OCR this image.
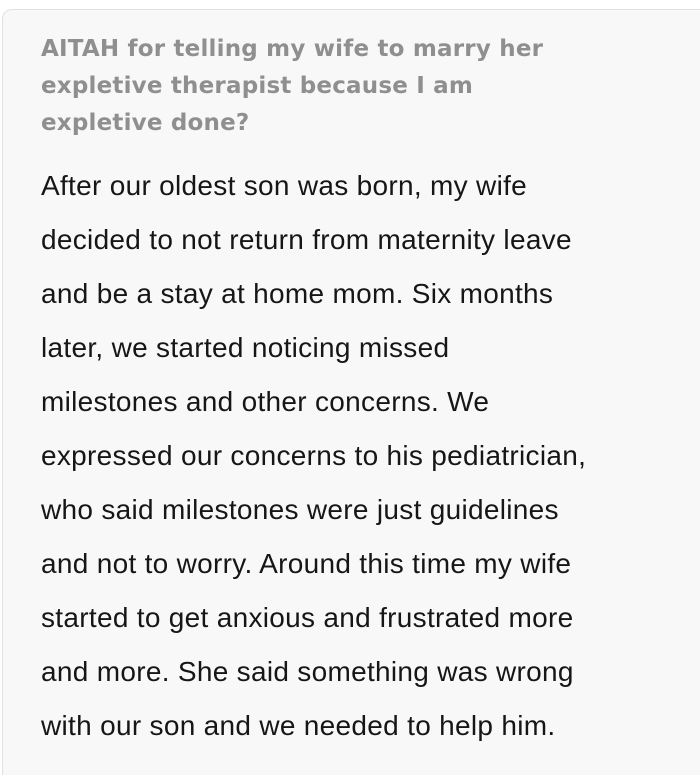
AITAH for telling my wife to marry her
expletive therapist because I am
expletive done?
After our oldest son was born, my wife
decided to not return from maternity leave
and be a stay at home mom. Six months
later, we started noticing missed
milestones and other concerns. We
expressed our concerns to his pediatrician,
who said milestones were just guidelines
and not to worry. Around this time my wife
started to get anxious and frustrated more
and more. She said something was wrong
with our son and we needed to help him.
